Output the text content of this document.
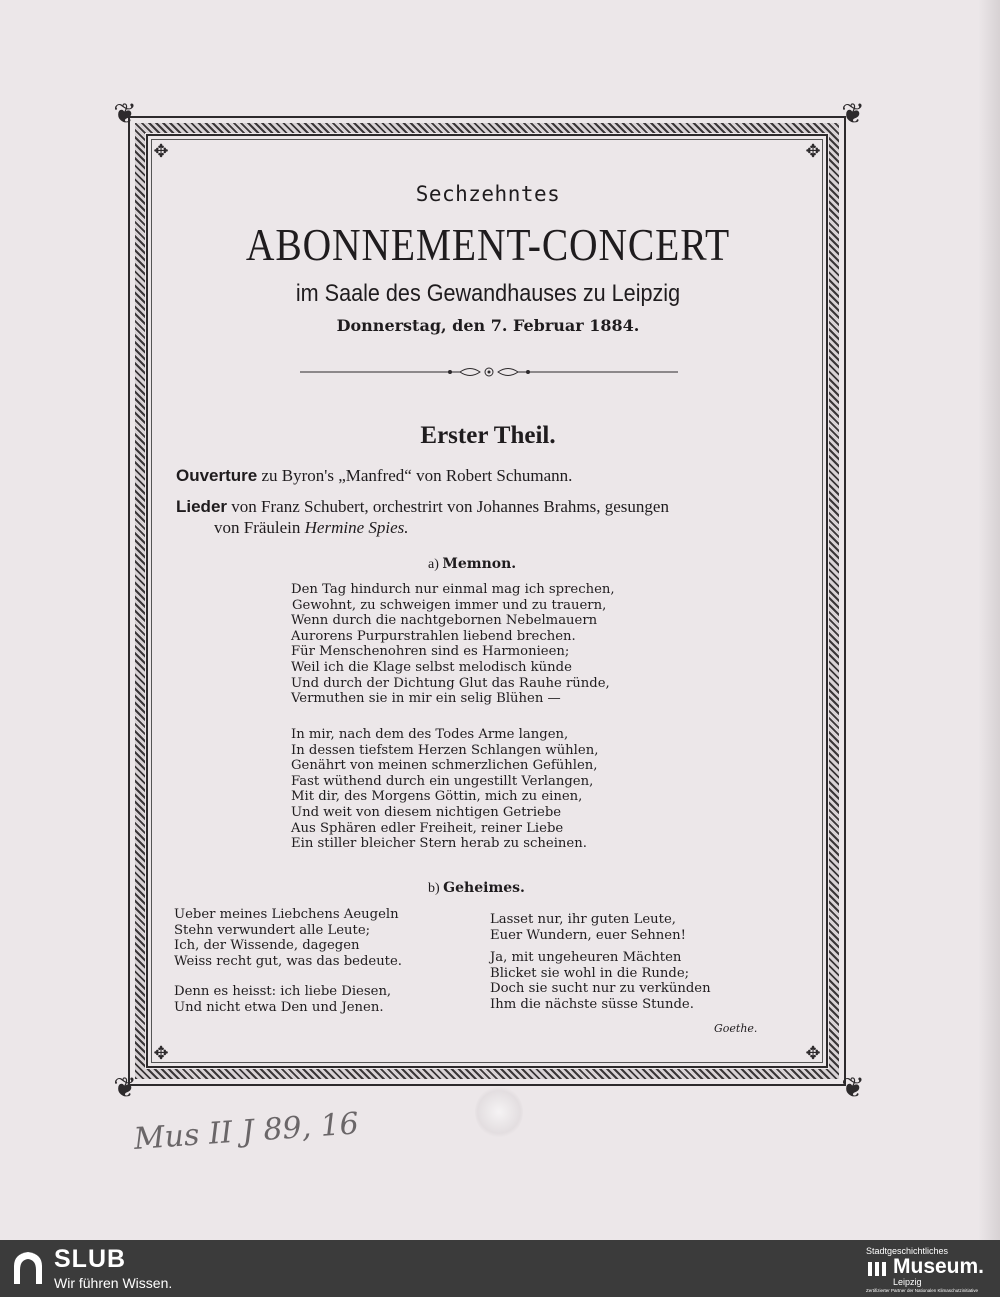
❦	❦
❦	❦
✥	✥
✥	✥
Sechzehntes
ABONNEMENT-CONCERT
im Saale des Gewandhauses zu Leipzig
Donnerstag, den 7. Februar 1884.
Erster Theil.
Ouverture zu Byron's „Manfred“ von Robert Schumann.
Lieder von Franz Schubert, orchestrirt von Johannes Brahms, gesungen
von Fräulein Hermine Spies.
a) Memnon.
Den Tag hindurch nur einmal mag ich sprechen,
Gewohnt, zu schweigen immer und zu trauern,
Wenn durch die nachtgebornen Nebelmauern
Aurorens Purpurstrahlen liebend brechen.
Für Menschenohren sind es Harmonieen;
Weil ich die Klage selbst melodisch künde
Und durch der Dichtung Glut das Rauhe ründe,
Vermuthen sie in mir ein selig Blühen —
In mir, nach dem des Todes Arme langen,
In dessen tiefstem Herzen Schlangen wühlen,
Genährt von meinen schmerzlichen Gefühlen,
Fast wüthend durch ein ungestillt Verlangen,
Mit dir, des Morgens Göttin, mich zu einen,
Und weit von diesem nichtigen Getriebe
Aus Sphären edler Freiheit, reiner Liebe
Ein stiller bleicher Stern herab zu scheinen.
b) Geheimes.
Ueber meines Liebchens Aeugeln
Stehn verwundert alle Leute;
Ich, der Wissende, dagegen
Weiss recht gut, was das bedeute.
Denn es heisst: ich liebe Diesen,
Und nicht etwa Den und Jenen.
Lasset nur, ihr guten Leute,
Euer Wundern, euer Sehnen!
Ja, mit ungeheuren Mächten
Blicket sie wohl in die Runde;
Doch sie sucht nur zu verkünden
Ihm die nächste süsse Stunde.
Goethe.
Mus II J 89, 16
SLUB
Wir führen Wissen.
Stadtgeschichtliches
Museum.
Leipzig
Zertifizierter Partner der Nationalen Klimaschutzinitiative
